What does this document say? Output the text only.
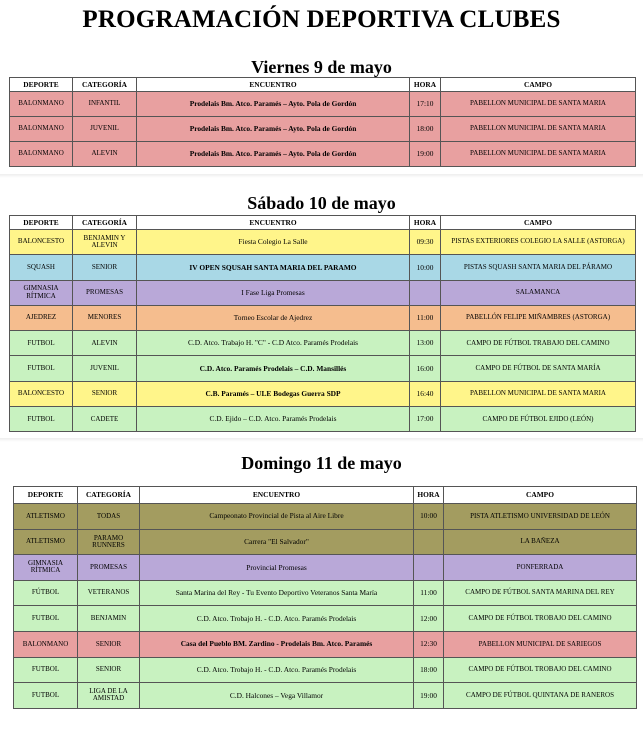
PROGRAMACIÓN DEPORTIVA CLUBES
Viernes 9 de mayo
DEPORTE	CATEGORÍA	ENCUENTRO	HORA	CAMPO
BALONMANO	INFANTIL	Prodelais Bm. Atco. Paramés – Ayto. Pola de Gordón	17:10	PABELLON MUNICIPAL DE SANTA MARIA
BALONMANO	JUVENIL	Prodelais Bm. Atco. Paramés – Ayto. Pola de Gordón	18:00	PABELLON MUNICIPAL DE SANTA MARIA
BALONMANO	ALEVIN	Prodelais Bm. Atco. Paramés – Ayto. Pola de Gordón	19:00	PABELLON MUNICIPAL DE SANTA MARIA
Sábado 10 de mayo
DEPORTE	CATEGORÍA	ENCUENTRO	HORA	CAMPO
BALONCESTO	BENJAMIN Y ALEVIN	Fiesta Colegio La Salle	09:30	PISTAS EXTERIORES COLEGIO LA SALLE (ASTORGA)
SQUASH	SENIOR	IV OPEN SQUSAH SANTA MARIA DEL PARAMO	10:00	PISTAS SQUASH SANTA MARIA DEL PÁRAMO
GIMNASIA RÍTMICA	PROMESAS	I Fase Liga Promesas		SALAMANCA
AJEDREZ	MENORES	Torneo Escolar de Ajedrez	11:00	PABELLÓN FELIPE MIÑAMBRES (ASTORGA)
FUTBOL	ALEVIN	C.D. Atco. Trabajo H. "C" - C.D Atco. Paramés Prodelais	13:00	CAMPO DE FÚTBOL TRABAJO DEL CAMINO
FUTBOL	JUVENIL	C.D. Atco. Paramés Prodelais – C.D. Mansillés	16:00	CAMPO DE FÚTBOL DE SANTA MARÍA
BALONCESTO	SENIOR	C.B. Paramés – ULE Bodegas Guerra SDP	16:40	PABELLON MUNICIPAL DE SANTA MARIA
FUTBOL	CADETE	C.D. Ejido – C.D. Atco. Paramés Prodelais	17:00	CAMPO DE FÚTBOL EJIDO (LEÓN)
Domingo 11 de mayo
DEPORTE	CATEGORÍA	ENCUENTRO	HORA	CAMPO
ATLETISMO	TODAS	Campeonato Provincial de Pista al Aire Libre	10:00	PISTA ATLETISMO UNIVERSIDAD DE LEÓN
ATLETISMO	PARAMO RUNNERS	Carrera "El Salvador"		LA BAÑEZA
GIMNASIA RÍTMICA	PROMESAS	Provincial Promesas		PONFERRADA
FÚTBOL	VETERANOS	Santa Marina del Rey - Tu Evento Deportivo Veteranos Santa María	11:00	CAMPO DE FÚTBOL SANTA MARINA DEL REY
FUTBOL	BENJAMIN	C.D. Atco. Trobajo H. - C.D. Atco. Paramés Prodelais	12:00	CAMPO DE FÚTBOL TROBAJO DEL CAMINO
BALONMANO	SENIOR	Casa del Pueblo BM. Zardino - Prodelais Bm. Atco. Paramés	12:30	PABELLON MUNICIPAL DE SARIEGOS
FUTBOL	SENIOR	C.D. Atco. Trobajo H. - C.D. Atco. Paramés Prodelais	18:00	CAMPO DE FÚTBOL TROBAJO DEL CAMINO
FUTBOL	LIGA DE LA AMISTAD	C.D. Halcones – Vega Villamor	19:00	CAMPO DE FÚTBOL QUINTANA DE RANEROS
